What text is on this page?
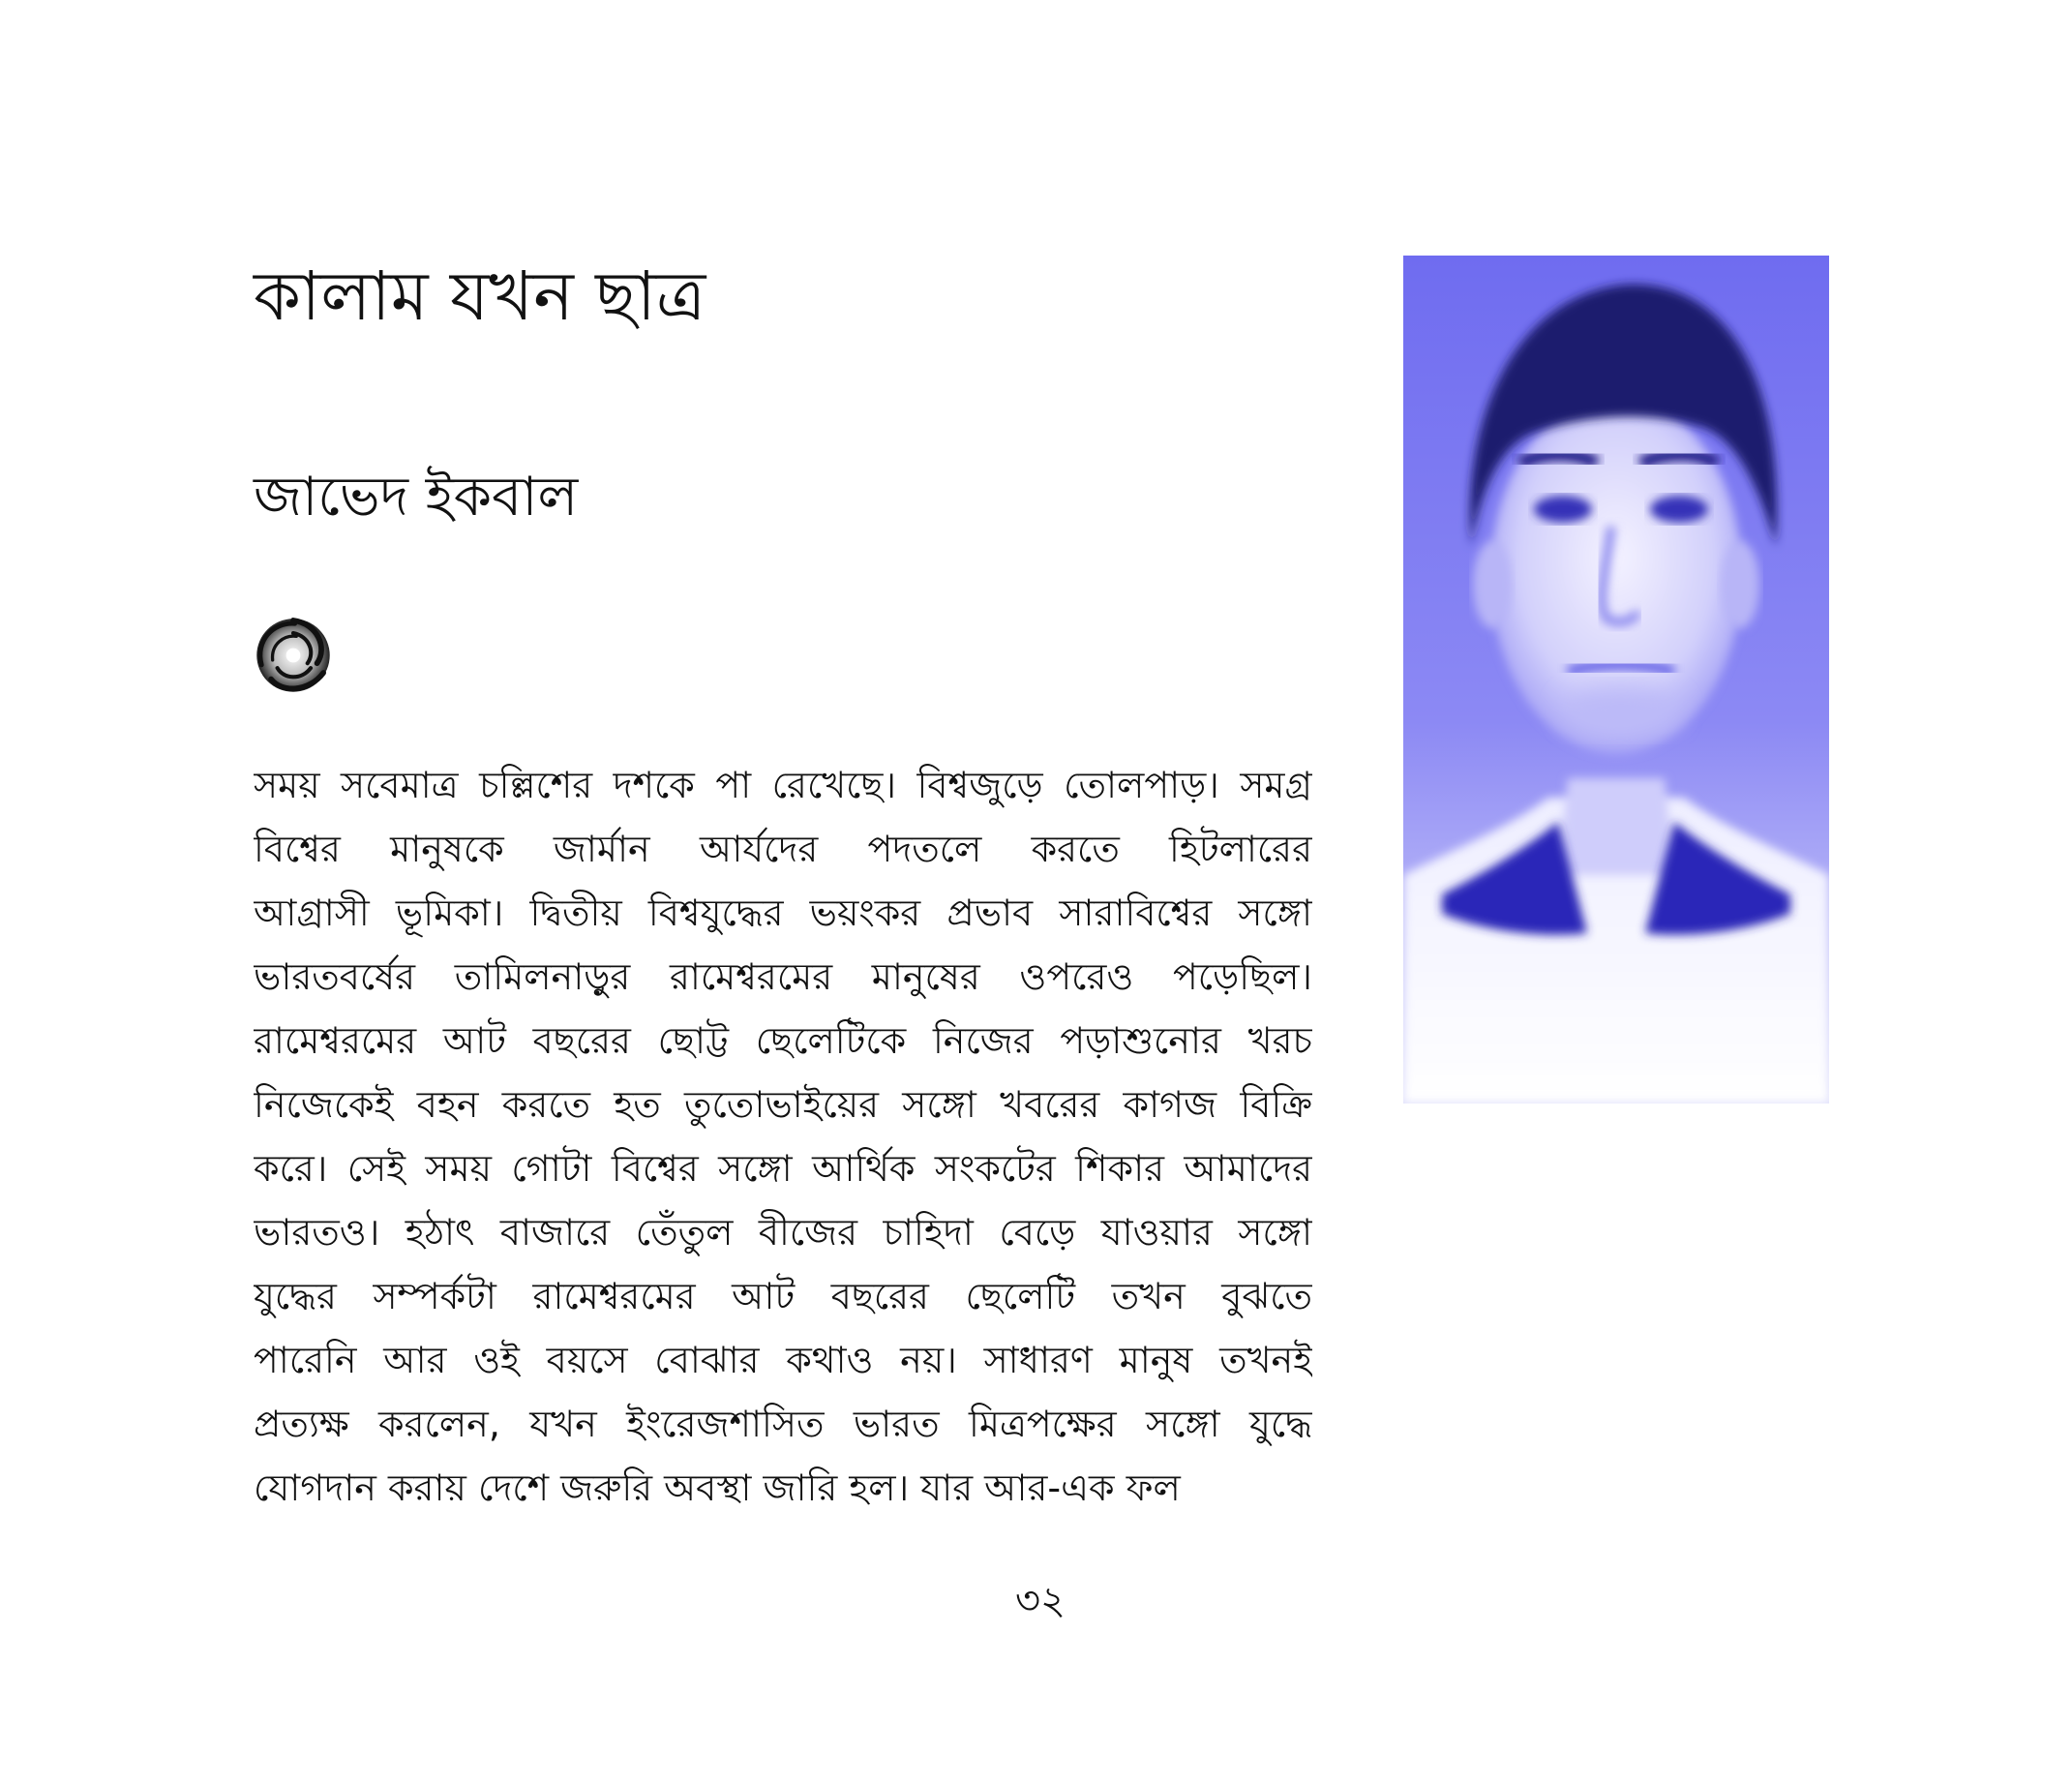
কালাম যখন ছাত্র
জাভেদ ইকবাল
সময় সবেমাত্র চল্লিশের দশকে পা রেখেছে। বিশ্বজুড়ে তোলপাড়। সমগ্র
বিশ্বের মানুষকে জার্মান আর্যদের পদতলে করতে হিটলারের
আগ্রাসী ভূমিকা। দ্বিতীয় বিশ্বযুদ্ধের ভয়ংকর প্রভাব সারাবিশ্বের সঙ্গো
ভারতবর্ষের তামিলনাড়ুর রামেশ্বরমের মানুষের ওপরেও পড়েছিল।
রামেশ্বরমের আট বছরের ছোট্ট ছেলেটিকে নিজের পড়াশুনোর খরচ
নিজেকেই বহন করতে হত তুতোভাইয়ের সঙ্গো খবরের কাগজ বিক্রি
করে। সেই সময় গোটা বিশ্বের সঙ্গো আর্থিক সংকটের শিকার আমাদের
ভারতও। হঠাৎ বাজারে তেঁতুল বীজের চাহিদা বেড়ে যাওয়ার সঙ্গো
যুদ্ধের সম্পর্কটা রামেশ্বরমের আট বছরের ছেলেটি তখন বুঝতে
পারেনি আর ওই বয়সে বোঝার কথাও নয়। সাধারণ মানুষ তখনই
প্রত্যক্ষ করলেন, যখন ইংরেজশাসিত ভারত মিত্রপক্ষের সঙ্গো যুদ্ধে
যোগদান করায় দেশে জরুরি অবস্থা জারি হল। যার আর-এক ফল
৩২
